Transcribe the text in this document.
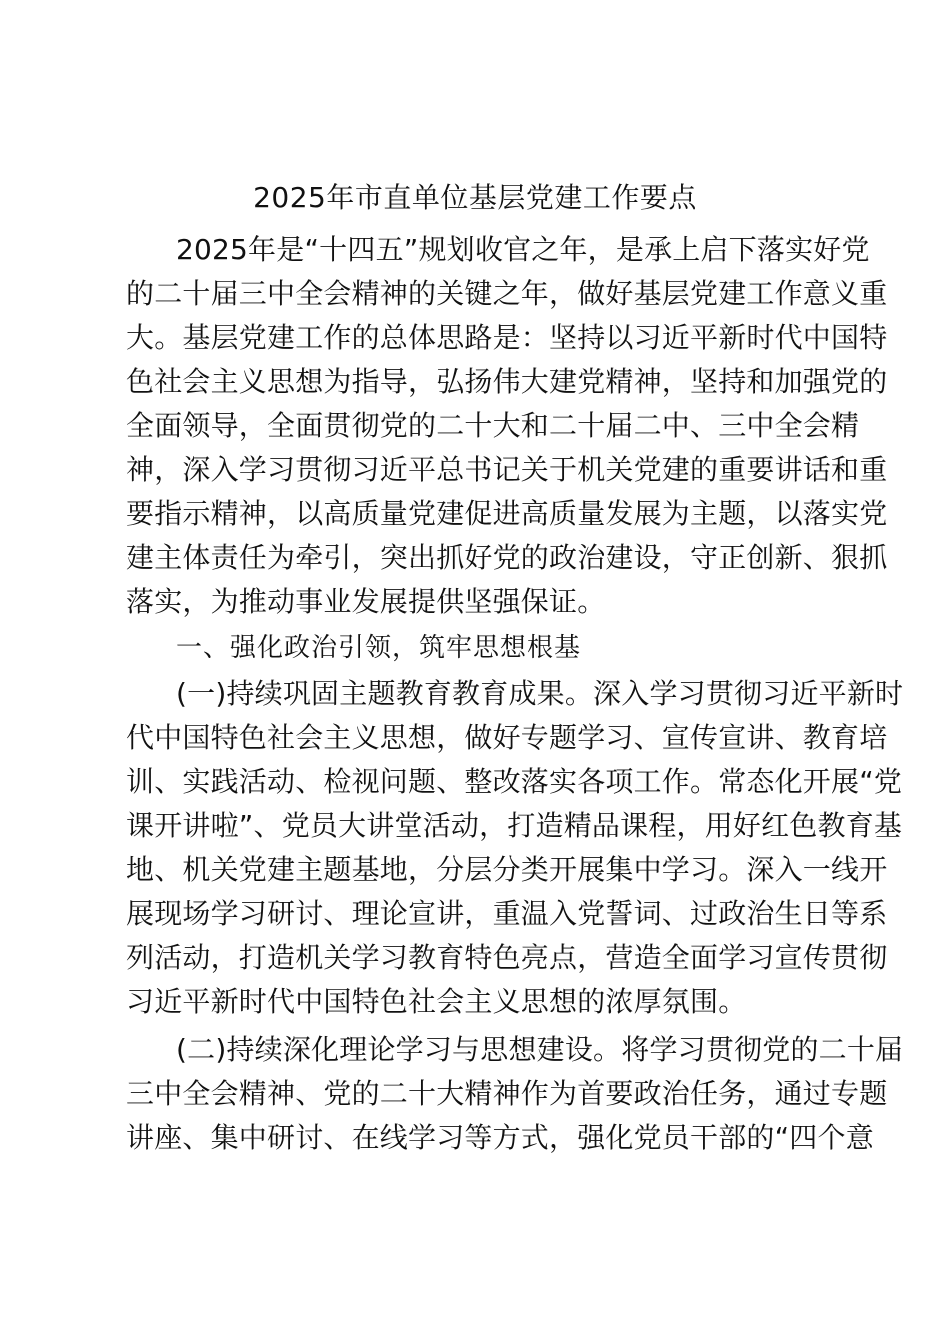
2025年市直单位基层党建工作要点
2025年是“十四五”规划收官之年，是承上启下落实好党
的二十届三中全会精神的关键之年，做好基层党建工作意义重
大。基层党建工作的总体思路是：坚持以习近平新时代中国特
色社会主义思想为指导，弘扬伟大建党精神，坚持和加强党的
全面领导，全面贯彻党的二十大和二十届二中、三中全会精
神，深入学习贯彻习近平总书记关于机关党建的重要讲话和重
要指示精神，以高质量党建促进高质量发展为主题，以落实党
建主体责任为牵引，突出抓好党的政治建设，守正创新、狠抓
落实，为推动事业发展提供坚强保证。
一、强化政治引领，筑牢思想根基
(一)持续巩固主题教育教育成果。深入学习贯彻习近平新时
代中国特色社会主义思想，做好专题学习、宣传宣讲、教育培
训、实践活动、检视问题、整改落实各项工作。常态化开展“党
课开讲啦”、党员大讲堂活动，打造精品课程，用好红色教育基
地、机关党建主题基地，分层分类开展集中学习。深入一线开
展现场学习研讨、理论宣讲，重温入党誓词、过政治生日等系
列活动，打造机关学习教育特色亮点，营造全面学习宣传贯彻
习近平新时代中国特色社会主义思想的浓厚氛围。
(二)持续深化理论学习与思想建设。将学习贯彻党的二十届
三中全会精神、党的二十大精神作为首要政治任务，通过专题
讲座、集中研讨、在线学习等方式，强化党员干部的“四个意
